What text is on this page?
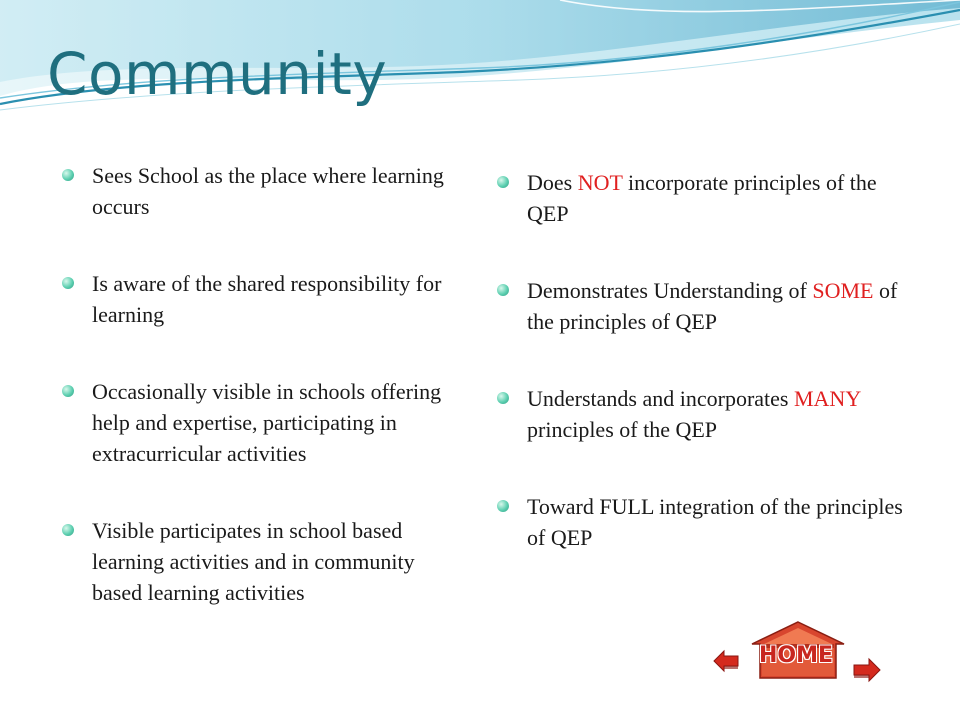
Community
Sees School as the place where learning occurs
Is aware of the shared responsibility for learning
Occasionally visible in schools offering help and expertise, participating in extracurricular activities
Visible participates in school based learning activities and in community based learning activities
Does NOT incorporate principles of the QEP
Demonstrates Understanding of SOME of the principles of QEP
Understands and incorporates MANY principles of the QEP
Toward FULL integration of the principles of QEP
HOME
